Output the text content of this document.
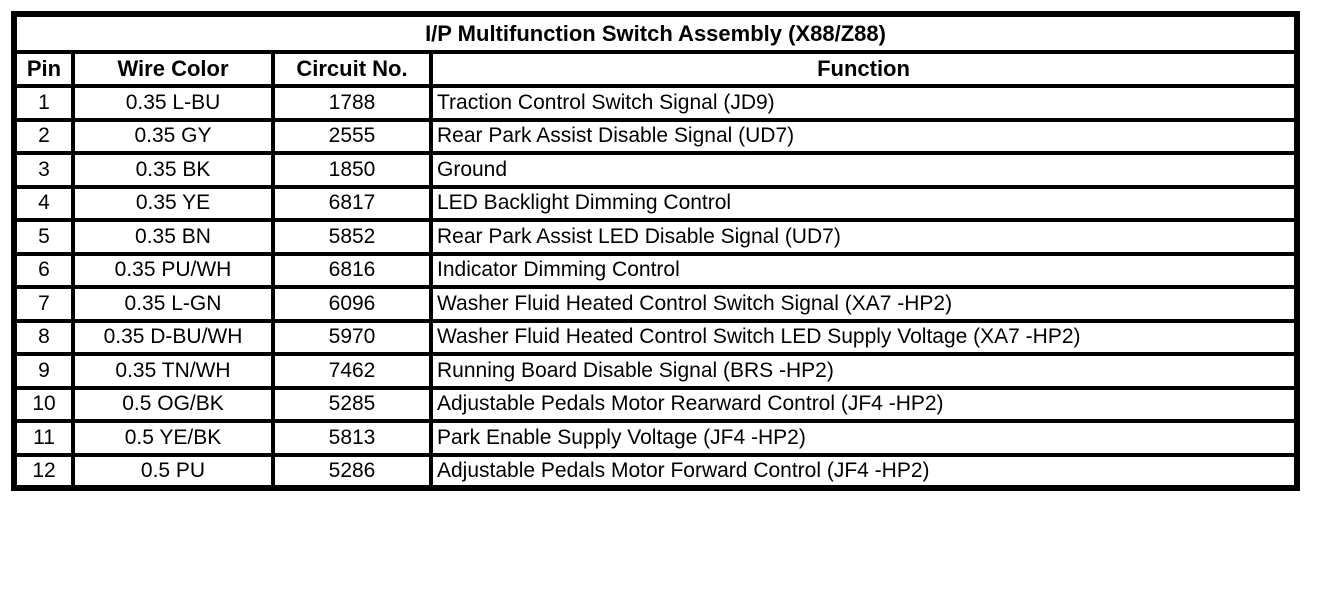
I/P Multifunction Switch Assembly (X88/Z88)			
Pin	Wire Color	Circuit No.	Function
1	0.35 L-BU	1788	Traction Control Switch Signal (JD9)
2	0.35 GY	2555	Rear Park Assist Disable Signal (UD7)
3	0.35 BK	1850	Ground
4	0.35 YE	6817	LED Backlight Dimming Control
5	0.35 BN	5852	Rear Park Assist LED Disable Signal (UD7)
6	0.35 PU/WH	6816	Indicator Dimming Control
7	0.35 L-GN	6096	Washer Fluid Heated Control Switch Signal (XA7 -HP2)
8	0.35 D-BU/WH	5970	Washer Fluid Heated Control Switch LED Supply Voltage (XA7 -HP2)
9	0.35 TN/WH	7462	Running Board Disable Signal (BRS -HP2)
10	0.5 OG/BK	5285	Adjustable Pedals Motor Rearward Control (JF4 -HP2)
11	0.5 YE/BK	5813	Park Enable Supply Voltage (JF4 -HP2)
12	0.5 PU	5286	Adjustable Pedals Motor Forward Control (JF4 -HP2)
